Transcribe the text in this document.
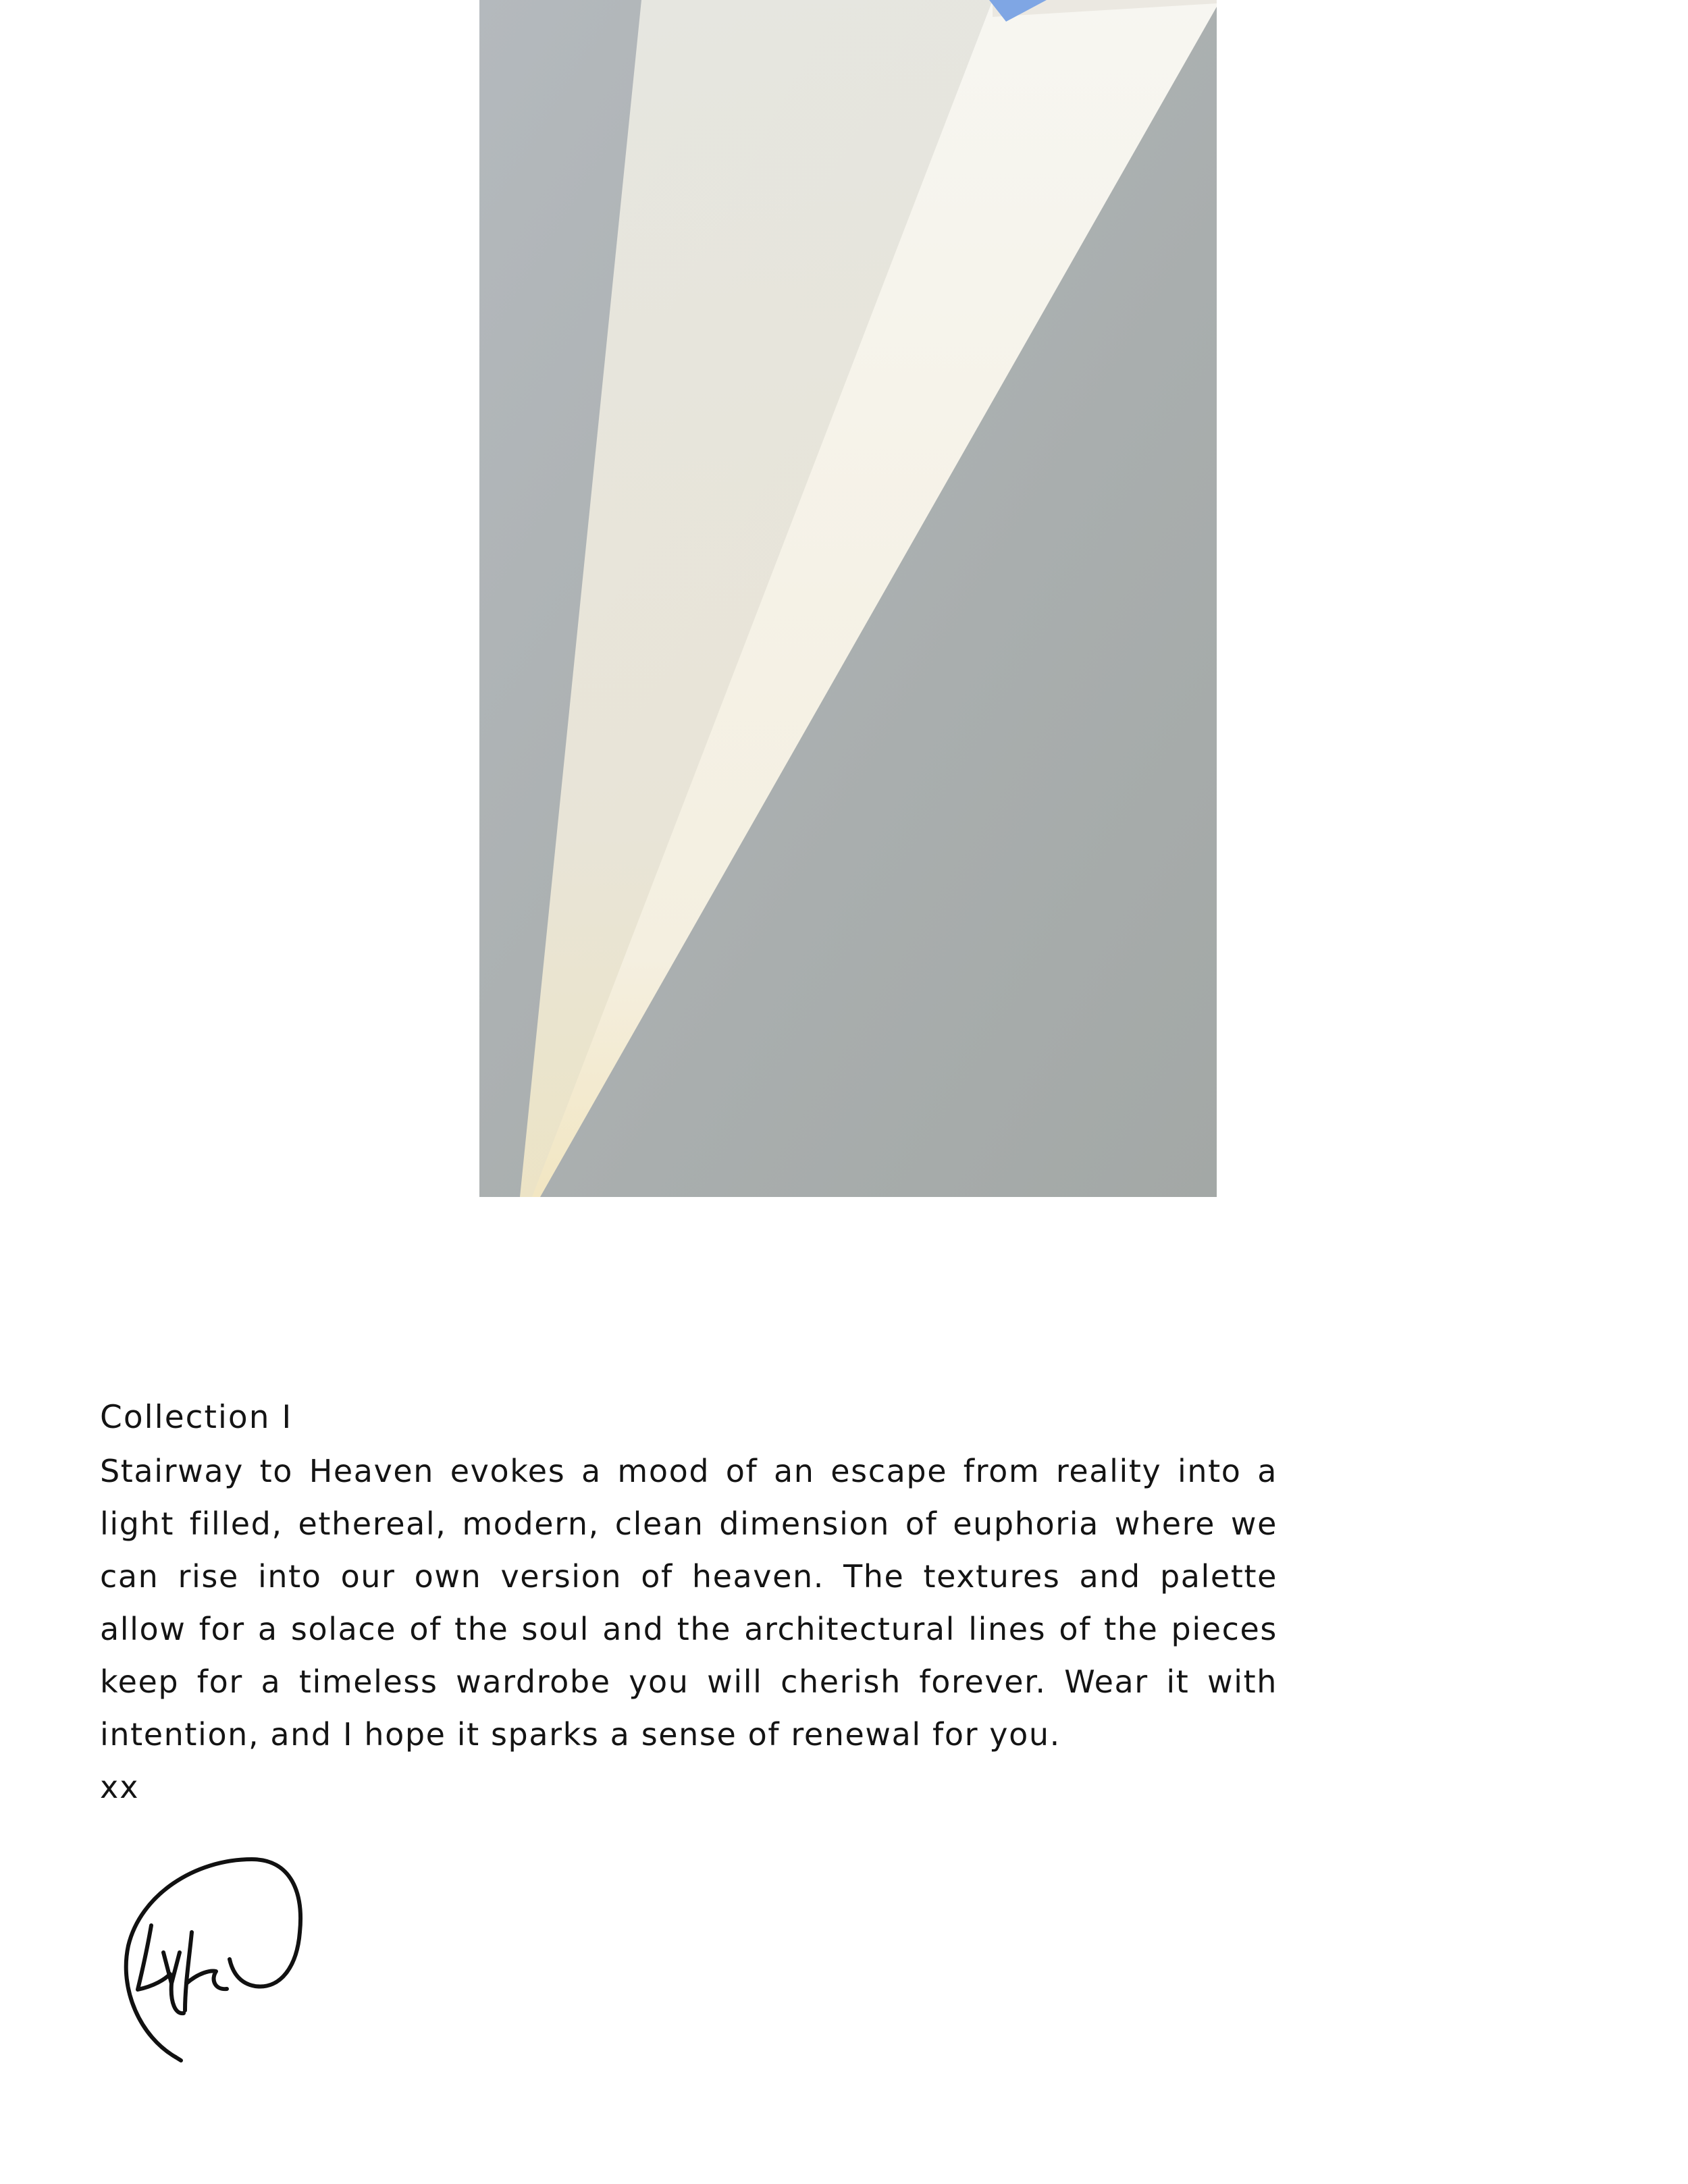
Collection I

Stairway to Heaven evokes a mood of an escape from reality into a light filled, ethereal, modern, clean dimension of euphoria where we can rise into our own version of heaven. The textures and palette allow for a solace of the soul and the architectural lines of the pieces keep for a timeless wardrobe you will cherish forever. Wear it with intention, and I hope it sparks a sense of renewal for you.

xx
